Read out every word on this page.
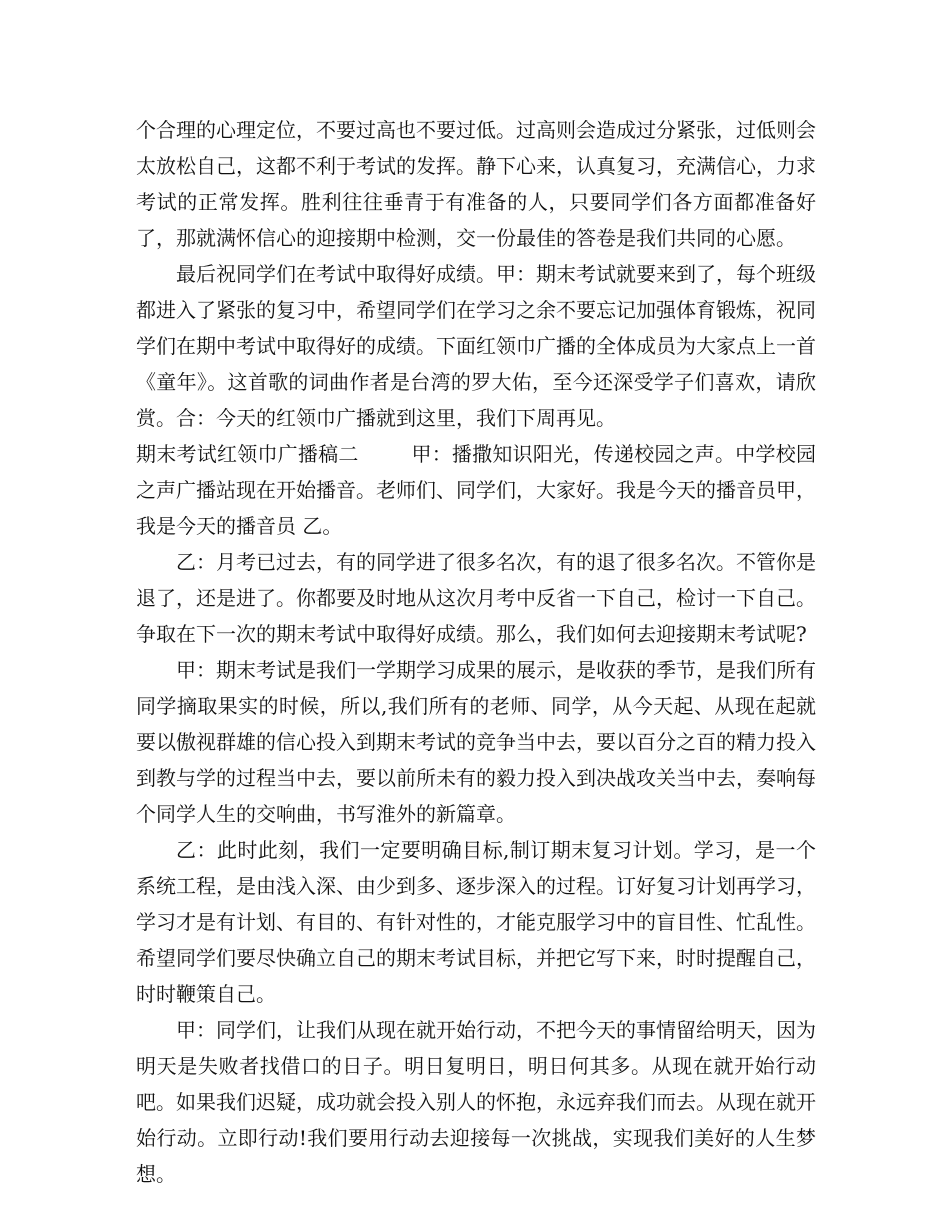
个合理的心理定位，不要过高也不要过低。过高则会造成过分紧张，过低则会太放松自己，这都不利于考试的发挥。静下心来，认真复习，充满信心，力求考试的正常发挥。胜利往往垂青于有准备的人，只要同学们各方面都准备好了，那就满怀信心的迎接期中检测，交一份最佳的答卷是我们共同的心愿。

最后祝同学们在考试中取得好成绩。甲：期末考试就要来到了，每个班级都进入了紧张的复习中，希望同学们在学习之余不要忘记加强体育锻炼，祝同学们在期中考试中取得好的成绩。下面红领巾广播的全体成员为大家点上一首《童年》。这首歌的词曲作者是台湾的罗大佑，至今还深受学子们喜欢，请欣赏。合：今天的红领巾广播就到这里，我们下周再见。

期末考试红领巾广播稿二	甲：播撒知识阳光，传递校园之声。中学校园之声广播站现在开始播音。老师们、同学们，大家好。我是今天的播音员甲，我是今天的播音员 乙。

乙：月考已过去，有的同学进了很多名次，有的退了很多名次。不管你是退了，还是进了。你都要及时地从这次月考中反省一下自己，检讨一下自己。争取在下一次的期末考试中取得好成绩。那么，我们如何去迎接期末考试呢?

甲：期末考试是我们一学期学习成果的展示，是收获的季节，是我们所有同学摘取果实的时候，所以,我们所有的老师、同学，从今天起、从现在起就要以傲视群雄的信心投入到期末考试的竞争当中去，要以百分之百的精力投入到教与学的过程当中去，要以前所未有的毅力投入到决战攻关当中去，奏响每个同学人生的交响曲，书写淮外的新篇章。

乙：此时此刻，我们一定要明确目标,制订期末复习计划。学习，是一个系统工程，是由浅入深、由少到多、逐步深入的过程。订好复习计划再学习，学习才是有计划、有目的、有针对性的，才能克服学习中的盲目性、忙乱性。希望同学们要尽快确立自己的期末考试目标，并把它写下来，时时提醒自己，时时鞭策自己。

甲：同学们，让我们从现在就开始行动，不把今天的事情留给明天，因为明天是失败者找借口的日子。明日复明日，明日何其多。从现在就开始行动吧。如果我们迟疑，成功就会投入别人的怀抱，永远弃我们而去。从现在就开始行动。立即行动!我们要用行动去迎接每一次挑战，实现我们美好的人生梦想。
